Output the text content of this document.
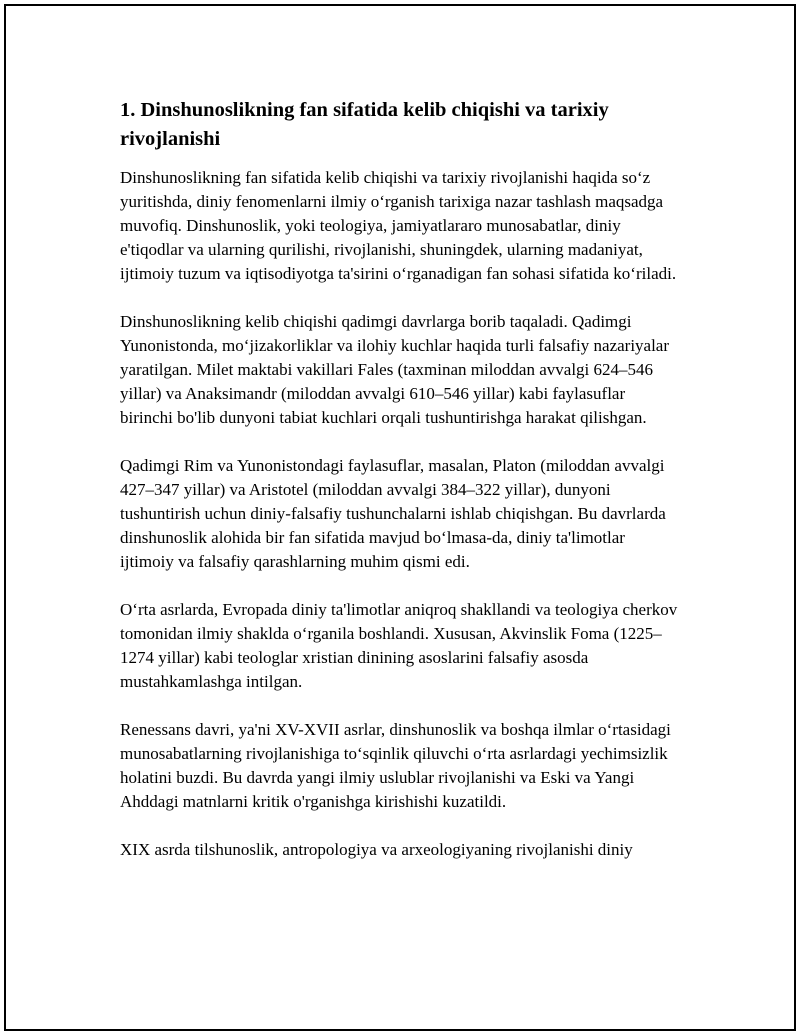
1. Dinshunoslikning fan sifatida kelib chiqishi va tarixiy rivojlanishi

Dinshunoslikning fan sifatida kelib chiqishi va tarixiy rivojlanishi haqida so‘z yuritishda, diniy fenomenlarni ilmiy o‘rganish tarixiga nazar tashlash maqsadga muvofiq. Dinshunoslik, yoki teologiya, jamiyatlararo munosabatlar, diniy e'tiqodlar va ularning qurilishi, rivojlanishi, shuningdek, ularning madaniyat, ijtimoiy tuzum va iqtisodiyotga ta'sirini o‘rganadigan fan sohasi sifatida ko‘riladi.

Dinshunoslikning kelib chiqishi qadimgi davrlarga borib taqaladi. Qadimgi Yunonistonda, mo‘jizakorliklar va ilohiy kuchlar haqida turli falsafiy nazariyalar yaratilgan. Milet maktabi vakillari Fales (taxminan miloddan avvalgi 624–546 yillar) va Anaksimandr (miloddan avvalgi 610–546 yillar) kabi faylasuflar birinchi bo'lib dunyoni tabiat kuchlari orqali tushuntirishga harakat qilishgan.

Qadimgi Rim va Yunonistondagi faylasuflar, masalan, Platon (miloddan avvalgi 427–347 yillar) va Aristotel (miloddan avvalgi 384–322 yillar), dunyoni tushuntirish uchun diniy-falsafiy tushunchalarni ishlab chiqishgan. Bu davrlarda dinshunoslik alohida bir fan sifatida mavjud bo‘lmasa-da, diniy ta'limotlar ijtimoiy va falsafiy qarashlarning muhim qismi edi.

O‘rta asrlarda, Evropada diniy ta'limotlar aniqroq shakllandi va teologiya cherkov tomonidan ilmiy shaklda o‘rganila boshlandi. Xususan, Akvinslik Foma (1225–1274 yillar) kabi teologlar xristian dinining asoslarini falsafiy asosda mustahkamlashga intilgan.

Renessans davri, ya'ni XV-XVII asrlar, dinshunoslik va boshqa ilmlar o‘rtasidagi munosabatlarning rivojlanishiga to‘sqinlik qiluvchi o‘rta asrlardagi yechimsizlik holatini buzdi. Bu davrda yangi ilmiy uslublar rivojlanishi va Eski va Yangi Ahddagi matnlarni kritik o'rganishga kirishishi kuzatildi.

XIX asrda tilshunoslik, antropologiya va arxeologiyaning rivojlanishi diniy
